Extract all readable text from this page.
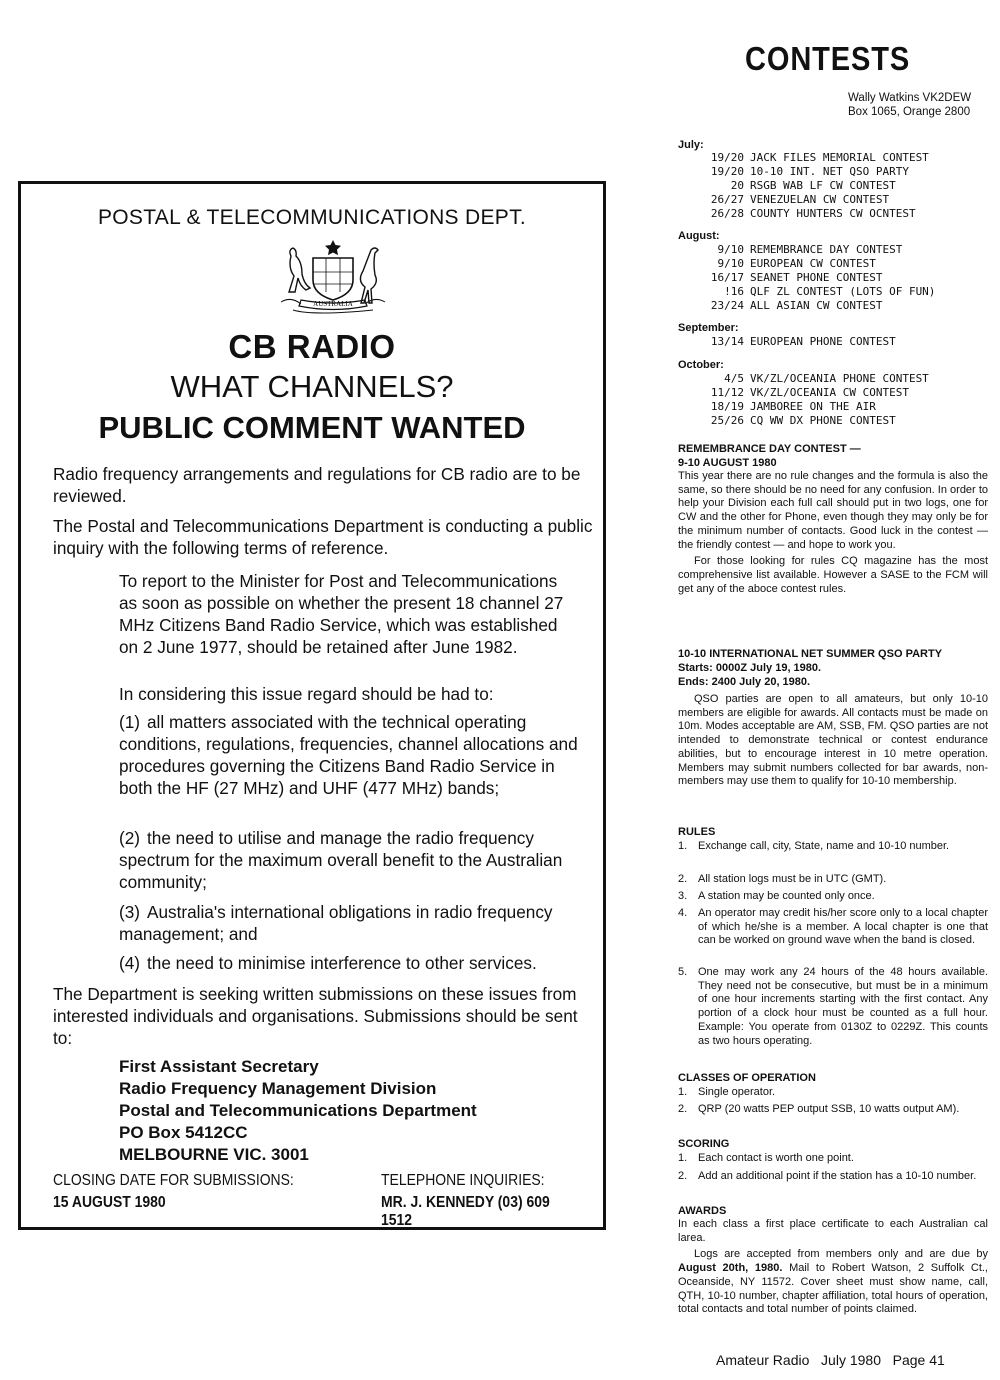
POSTAL & TELECOMMUNICATIONS DEPT.
AUSTRALIA
CB RADIO
WHAT CHANNELS?
PUBLIC COMMENT WANTED
Radio frequency arrangements and regulations for CB radio are to be reviewed.
The Postal and Telecommunications Department is conducting a public inquiry with the following terms of reference.
To report to the Minister for Post and Telecommunications as soon as possible on whether the present 18 channel 27 MHz Citizens Band Radio Service, which was established on 2 June 1977, should be retained after June 1982.
In considering this issue regard should be had to:
(1) all matters associated with the technical operating conditions, regulations, frequencies, channel allocations and procedures governing the Citizens Band Radio Service in both the HF (27 MHz) and UHF (477 MHz) bands;
(2) the need to utilise and manage the radio frequency spectrum for the maximum overall benefit to the Australian community;
(3) Australia's international obligations in radio frequency management; and
(4) the need to minimise interference to other services.
The Department is seeking written submissions on these issues from interested individuals and organisations. Submissions should be sent to:
First Assistant Secretary
Radio Frequency Management Division
Postal and Telecommunications Department
PO Box 5412CC
MELBOURNE VIC. 3001
CLOSING DATE FOR SUBMISSIONS:
15 AUGUST 1980
TELEPHONE INQUIRIES:
MR. J. KENNEDY (03) 609 1512
CONTESTS
Wally Watkins VK2DEW
Box 1065, Orange 2800
July:
19/20 JACK FILES MEMORIAL CONTEST
19/20 10-10 INT. NET QSO PARTY
20 RSGB WAB LF CW CONTEST
26/27 VENEZUELAN CW CONTEST
26/28 COUNTY HUNTERS CW OCNTEST
August:
9/10 REMEMBRANCE DAY CONTEST
9/10 EUROPEAN CW CONTEST
16/17 SEANET PHONE CONTEST
!16 QLF ZL CONTEST (LOTS OF FUN)
23/24 ALL ASIAN CW CONTEST
September:
13/14 EUROPEAN PHONE CONTEST
October:
4/5 VK/ZL/OCEANIA PHONE CONTEST
11/12 VK/ZL/OCEANIA CW CONTEST
18/19 JAMBOREE ON THE AIR
25/26 CQ WW DX PHONE CONTEST
REMEMBRANCE DAY CONTEST —
9-10 AUGUST 1980

This year there are no rule changes and the formula is also the same, so there should be no need for any confusion. In order to help your Division each full call should put in two logs, one for CW and the other for Phone, even though they may only be for the minimum number of contacts. Good luck in the contest — the friendly contest — and hope to work you.

For those looking for rules CQ magazine has the most comprehensive list available. However a SASE to the FCM will get any of the aboce contest rules.

10-10 INTERNATIONAL NET SUMMER QSO PARTY
Starts: 0000Z July 19, 1980.
Ends: 2400 July 20, 1980.
QSO parties are open to all amateurs, but only 10-10 members are eligible for awards. All contacts must be made on 10m. Modes acceptable are AM, SSB, FM. QSO parties are not intended to demonstrate technical or contest endurance abilities, but to encourage interest in 10 metre operation. Members may submit numbers collected for bar awards, non-members may use them to qualify for 10-10 membership.
RULES
1. Exchange call, city, State, name and 10-10 number.
2. All station logs must be in UTC (GMT).
3. A station may be counted only once.
4. An operator may credit his/her score only to a local chapter of which he/she is a member. A local chapter is one that can be worked on ground wave when the band is closed.
5. One may work any 24 hours of the 48 hours available. They need not be consecutive, but must be in a minimum of one hour increments starting with the first contact. Any portion of a clock hour must be counted as a full hour. Example: You operate from 0130Z to 0229Z. This counts as two hours operating.
CLASSES OF OPERATION
1. Single operator.
2. QRP (20 watts PEP output SSB, 10 watts output AM).
SCORING
1. Each contact is worth one point.
2. Add an additional point if the station has a 10-10 number.
AWARDS

In each class a first place certificate to each Australian cal larea.

Logs are accepted from members only and are due by August 20th, 1980. Mail to Robert Watson, 2 Suffolk Ct., Oceanside, NY 11572. Cover sheet must show name, call, QTH, 10-10 number, chapter affiliation, total hours of operation, total contacts and total number of points claimed.

Amateur Radio   July 1980   Page 41
